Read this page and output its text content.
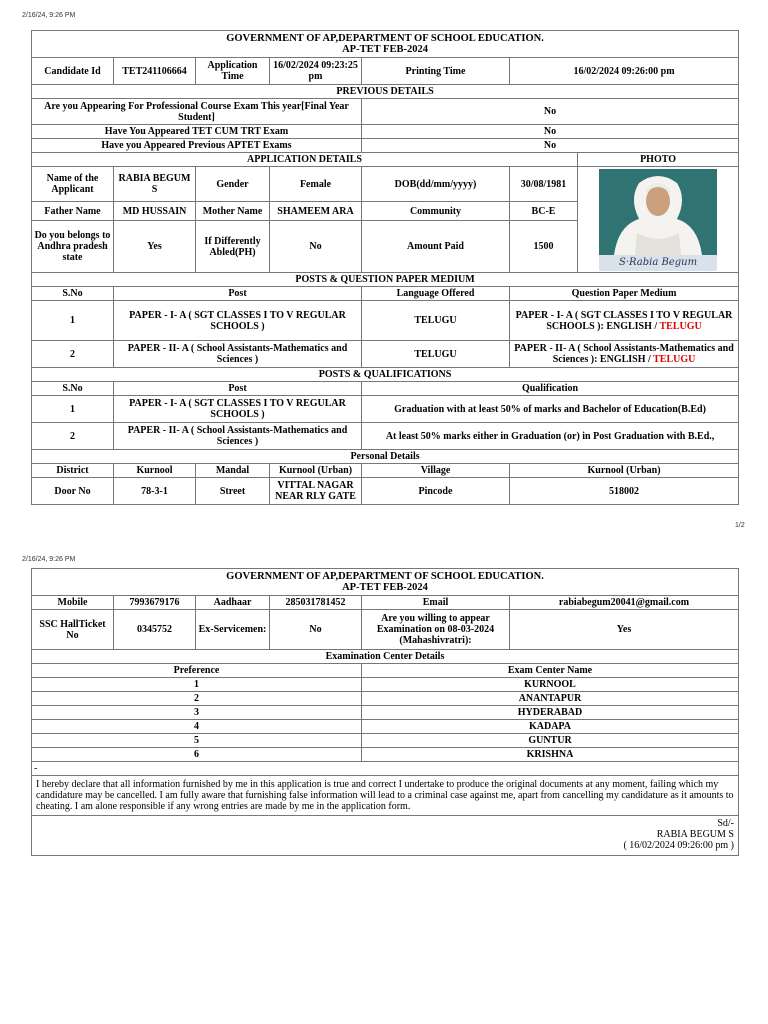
2/16/24, 9:26 PM
GOVERNMENT OF AP,DEPARTMENT OF SCHOOL EDUCATION.
AP-TET FEB-2024						

Candidate Id	TET241106664	Application Time	16/02/2024 09:23:25 pm	Printing Time	16/02/2024 09:26:00 pm	
PREVIOUS DETAILS						
Are you Appearing For Professional Course Exam This year[Final Year Student]				No		
Have You Appeared TET CUM TRT Exam				No		
Have you Appeared Previous APTET Exams				No		
APPLICATION DETAILS						PHOTO
Name of the Applicant	RABIA BEGUM S	Gender	Female	DOB(dd/mm/yyyy)	30/08/1981	S·Rabia Begum

Father Name	MD HUSSAIN	Mother Name	SHAMEEM ARA	Community	BC-E	
Do you belongs to Andhra pradesh state	Yes	If Differently Abled(PH)	No	Amount Paid	1500	
POSTS & QUESTION PAPER MEDIUM						
S.No	Post			Language Offered	Question Paper Medium	
1	PAPER - I- A ( SGT CLASSES I TO V REGULAR SCHOOLS )			TELUGU	PAPER - I- A ( SGT CLASSES I TO V REGULAR SCHOOLS ): ENGLISH / TELUGU	
2	PAPER - II- A ( School Assistants-Mathematics and Sciences )			TELUGU	PAPER - II- A ( School Assistants-Mathematics and Sciences ): ENGLISH / TELUGU	
POSTS & QUALIFICATIONS						
S.No	Post			Qualification		
1	PAPER - I- A ( SGT CLASSES I TO V REGULAR SCHOOLS )			Graduation with at least 50% of marks and Bachelor of Education(B.Ed)		
2	PAPER - II- A ( School Assistants-Mathematics and Sciences )			At least 50% marks either in Graduation (or) in Post Graduation with B.Ed.,		
Personal Details						
District	Kurnool	Mandal	Kurnool (Urban)	Village	Kurnool (Urban)	
Door No	78-3-1	Street	VITTAL NAGAR NEAR RLY GATE	Pincode	518002	
1/2
2/16/24, 9:26 PM
GOVERNMENT OF AP,DEPARTMENT OF SCHOOL EDUCATION.
AP-TET FEB-2024					

Mobile	7993679176	Aadhaar	285031781452	Email	rabiabegum20041@gmail.com
SSC HallTicket No	0345752	Ex-Servicemen:	No	Are you willing to appear Examination on 08-03-2024 (Mahashivratri):	Yes
Examination Center Details					
Preference				Exam Center Name	
1				KURNOOL	
2				ANANTAPUR	
3				HYDERABAD	
4				KADAPA	
5				GUNTUR	
6				KRISHNA	
-					
I hereby declare that all information furnished by me in this application is true and correct I undertake to produce the original documents at any moment, failing which my candidature may be cancelled. I am fully aware that furnishing false information will lead to a criminal case against me, apart from cancelling my candidature as it amounts to cheating. I am alone responsible if any wrong entries are made by me in the application form.					

Sd/-
RABIA BEGUM S
( 16/02/2024 09:26:00 pm )					
